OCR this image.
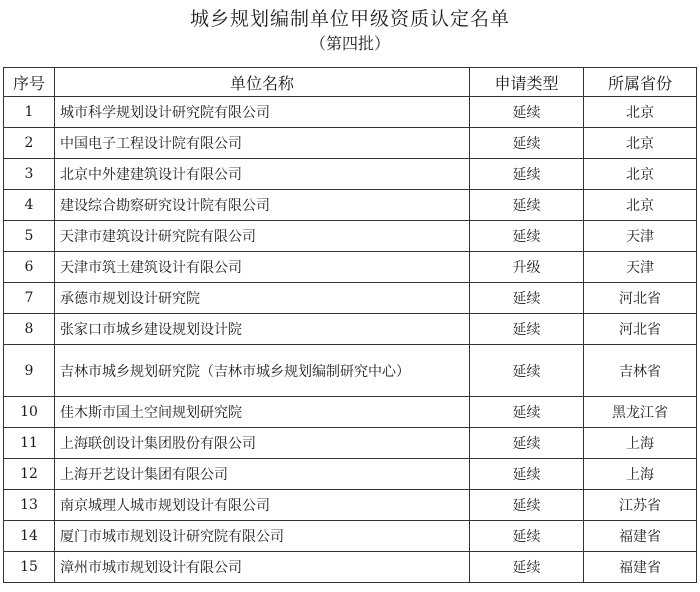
城乡规划编制单位甲级资质认定名单
（第四批）
序号	单位名称	申请类型	所属省份
1	城市科学规划设计研究院有限公司	延续	北京
2	中国电子工程设计院有限公司	延续	北京
3	北京中外建建筑设计有限公司	延续	北京
4	建设综合勘察研究设计院有限公司	延续	北京
5	天津市建筑设计研究院有限公司	延续	天津
6	天津市筑土建筑设计有限公司	升级	天津
7	承德市规划设计研究院	延续	河北省
8	张家口市城乡建设规划设计院	延续	河北省
9	吉林市城乡规划研究院（吉林市城乡规划编制研究中心）	延续	吉林省
10	佳木斯市国土空间规划研究院	延续	黑龙江省
11	上海联创设计集团股份有限公司	延续	上海
12	上海开艺设计集团有限公司	延续	上海
13	南京城理人城市规划设计有限公司	延续	江苏省
14	厦门市城市规划设计研究院有限公司	延续	福建省
15	漳州市城市规划设计有限公司	延续	福建省
